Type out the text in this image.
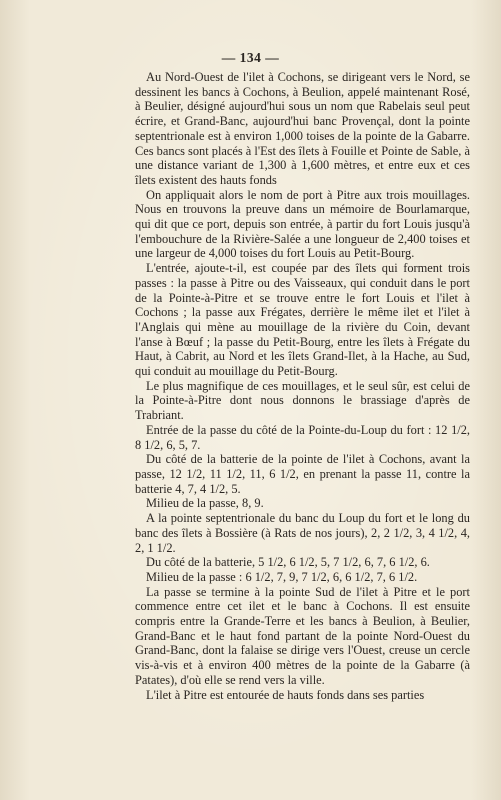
— 134 —

Au Nord-Ouest de l'ilet à Cochons, se dirigeant vers le Nord, se dessinent les bancs à Cochons, à Beulion, appelé maintenant Rosé, à Beulier, désigné aujourd'hui sous un nom que Rabelais seul peut écrire, et Grand-Banc, aujourd'hui banc Provençal, dont la pointe septentrionale est à environ 1,000 toises de la pointe de la Gabarre. Ces bancs sont placés à l'Est des îlets à Fouille et Pointe de Sable, à une distance variant de 1,300 à 1,600 mètres, et entre eux et ces îlets existent des hauts fonds

On appliquait alors le nom de port à Pitre aux trois mouillages. Nous en trouvons la preuve dans un mémoire de Bourlamarque, qui dit que ce port, depuis son entrée, à partir du fort Louis jusqu'à l'embouchure de la Rivière-Salée a une longueur de 2,400 toises et une largeur de 4,000 toises du fort Louis au Petit-Bourg.

L'entrée, ajoute-t-il, est coupée par des îlets qui forment trois passes : la passe à Pitre ou des Vaisseaux, qui conduit dans le port de la Pointe-à-Pitre et se trouve entre le fort Louis et l'ilet à Cochons ; la passe aux Frégates, derrière le même ilet et l'ilet à l'Anglais qui mène au mouillage de la rivière du Coin, devant l'anse à Bœuf ; la passe du Petit-Bourg, entre les îlets à Frégate du Haut, à Cabrit, au Nord et les îlets Grand-Ilet, à la Hache, au Sud, qui conduit au mouillage du Petit-Bourg.

Le plus magnifique de ces mouillages, et le seul sûr, est celui de la Pointe-à-Pitre dont nous donnons le brassiage d'après de Trabriant.

Entrée de la passe du côté de la Pointe-du-Loup du fort : 12 1/2, 8 1/2, 6, 5, 7.

Du côté de la batterie de la pointe de l'ilet à Cochons, avant la passe, 12 1/2, 11 1/2, 11, 6 1/2, en prenant la passe 11, contre la batterie 4, 7, 4 1/2, 5.

Milieu de la passe, 8, 9.

A la pointe septentrionale du banc du Loup du fort et le long du banc des îlets à Bossière (à Rats de nos jours), 2, 2 1/2, 3, 4 1/2, 4, 2, 1 1/2.

Du côté de la batterie, 5 1/2, 6 1/2, 5, 7 1/2, 6, 7, 6 1/2, 6.

Milieu de la passe : 6 1/2, 7, 9, 7 1/2, 6, 6 1/2, 7, 6 1/2.

La passe se termine à la pointe Sud de l'ilet à Pitre et le port commence entre cet ilet et le banc à Cochons. Il est ensuite compris entre la Grande-Terre et les bancs à Beulion, à Beulier, Grand-Banc et le haut fond partant de la pointe Nord-Ouest du Grand-Banc, dont la falaise se dirige vers l'Ouest, creuse un cercle vis-à-vis et à environ 400 mètres de la pointe de la Gabarre (à Patates), d'où elle se rend vers la ville.

L'ilet à Pitre est entourée de hauts fonds dans ses parties
